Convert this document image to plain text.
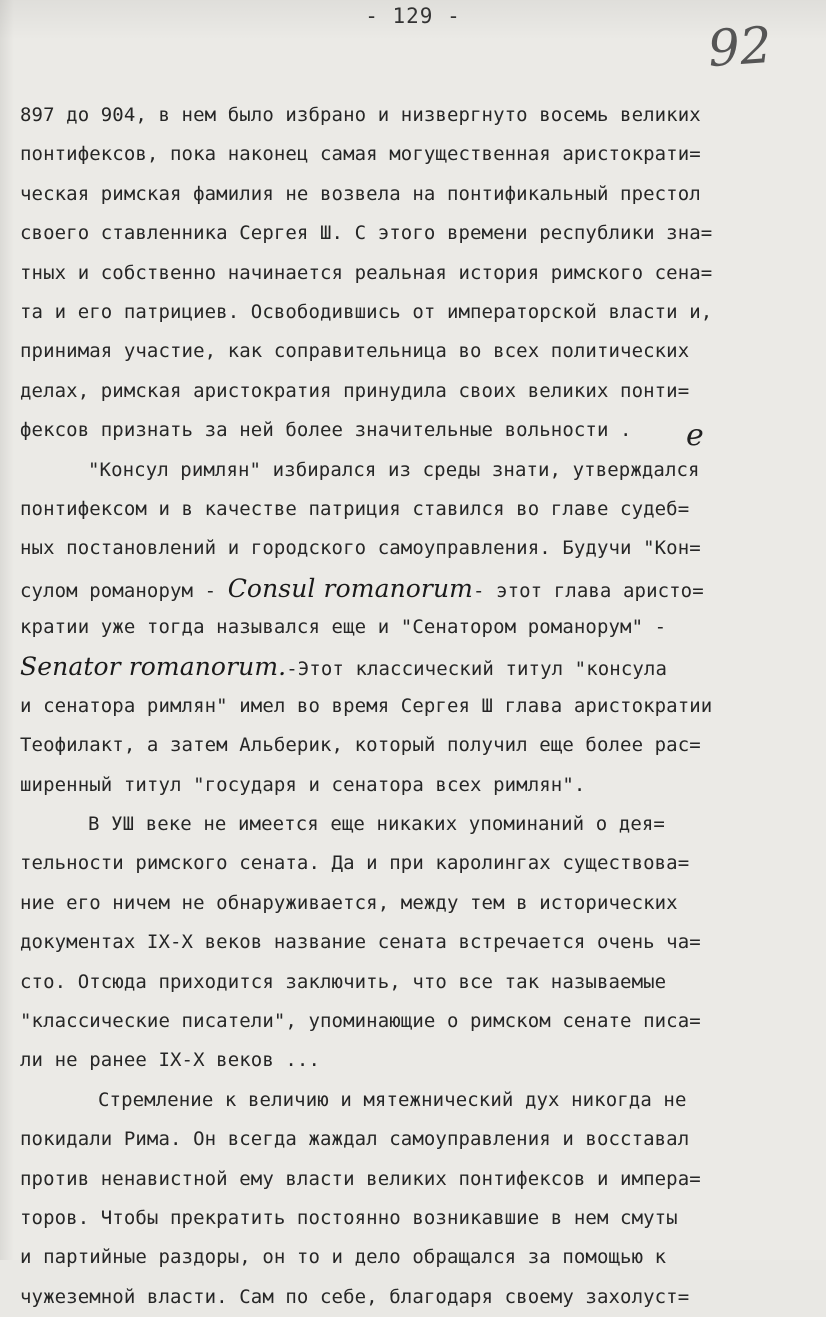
- 129 -	92
е
897 до 904, в нем было избрано и низвергнуто восемь великих
понтифексов, пока наконец самая могущественная аристократи=
ческая римская фамилия не возвела на понтификальный престол
своего ставленника Сергея Ш. С этого времени республики зна=
тных и собственно начинается реальная история римского сена=
та и его патрициев. Освободившись от императорской власти и,
принимая участие, как соправительница во всех политических
делах, римская аристократия принудила своих великих понти=
фексов признать за ней более значительные вольности .
"Консул римлян" избирался из среды знати, утверждался
понтифексом и в качестве патриция ставился во главе судеб=
ных постановлений и городского самоуправления. Будучи "Кон=
сулом романорум - Consul romanorum- этот глава аристо=
кратии уже тогда назывался еще и "Сенатором романорум" -
Senator romanorum.-Этот классический титул "консула
и сенатора римлян" имел во время Сергея Ш глава аристократии
Теофилакт, а затем Альберик, который получил еще более рас=
ширенный титул "государя и сенатора всех римлян".
В УШ веке не имеется еще никаких упоминаний о дея=
тельности римского сената. Да и при каролингах существова=
ние его ничем не обнаруживается, между тем в исторических
документах IX-X веков название сената встречается очень ча=
сто. Отсюда приходится заключить, что все так называемые
"классические писатели", упоминающие о римском сенате писа=
ли не ранее IX-X веков ...
Стремление к величию и мятежнический дух никогда не
покидали Рима. Он всегда жаждал самоуправления и восставал
против ненавистной ему власти великих понтифексов и импера=
торов. Чтобы прекратить постоянно возникавшие в нем смуты
и партийные раздоры, он то и дело обращался за помощью к
чужеземной власти. Сам по себе, благодаря своему захолуст=
